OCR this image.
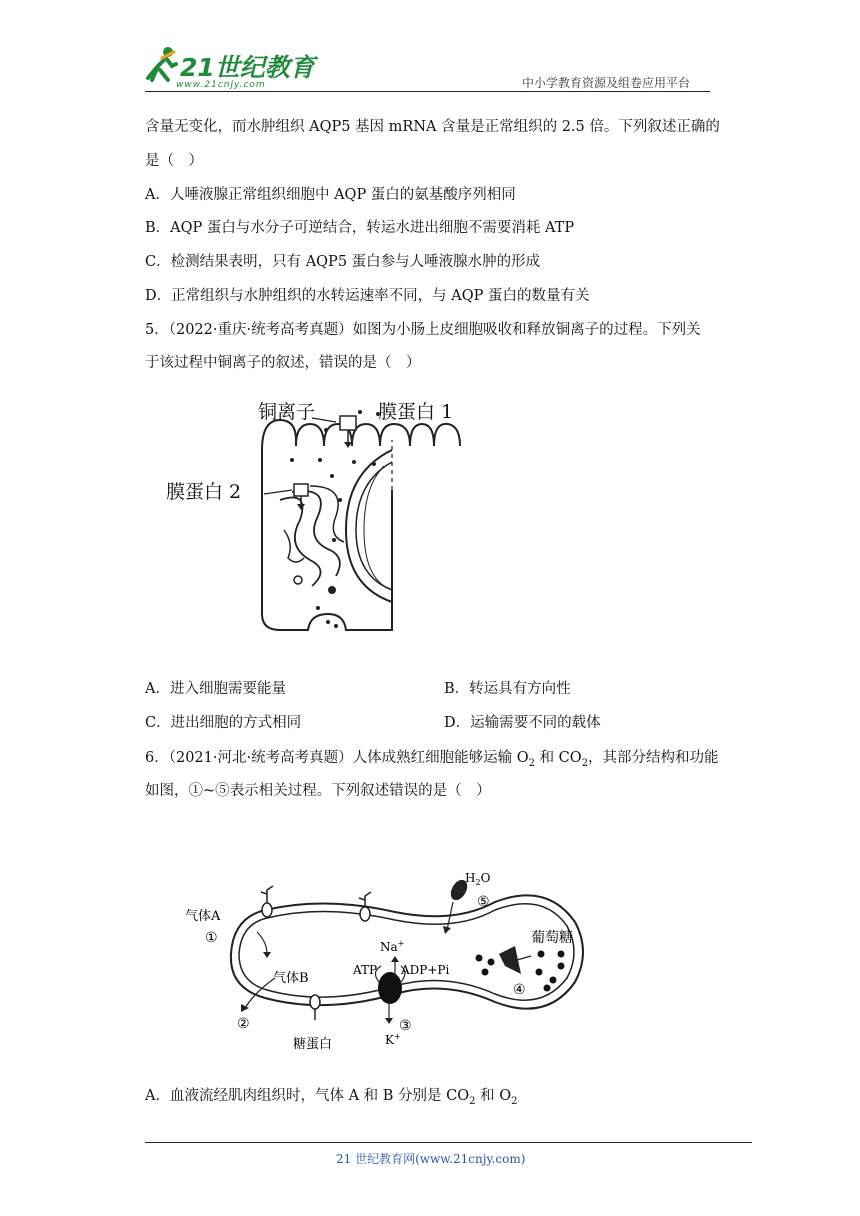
21世纪教育
www.21cnjy.com	中小学教育资源及组卷应用平台
含量无变化，而水肿组织 AQP5 基因 mRNA 含量是正常组织的 2.5 倍。下列叙述正确的
是（　）
A．人唾液腺正常组织细胞中 AQP 蛋白的氨基酸序列相同
B．AQP 蛋白与水分子可逆结合，转运水进出细胞不需要消耗 ATP
C．检测结果表明，只有 AQP5 蛋白参与人唾液腺水肿的形成
D．正常组织与水肿组织的水转运速率不同，与 AQP 蛋白的数量有关
5．（2022·重庆·统考高考真题）如图为小肠上皮细胞吸收和释放铜离子的过程。下列关
于该过程中铜离子的叙述，错误的是（　）
铜离子	膜蛋白 1
膜蛋白 2
A．进入细胞需要能量	B．转运具有方向性
C．进出细胞的方式相同	D．运输需要不同的载体
6．（2021·河北·统考高考真题）人体成熟红细胞能够运输 $O_2$ 和 $CO_2$，其部分结构和功能
如图，①~⑤表示相关过程。下列叙述错误的是（　）
气体A
①
气体B
②
糖蛋白
Na+
ATP ADP+Pi
③
K+
$H_2O$
⑤
葡萄糖
④
A．血液流经肌肉组织时，气体 A 和 B 分别是 $CO_2$ 和 $O_2$
21 世纪教育网(www.21cnjy.com)
